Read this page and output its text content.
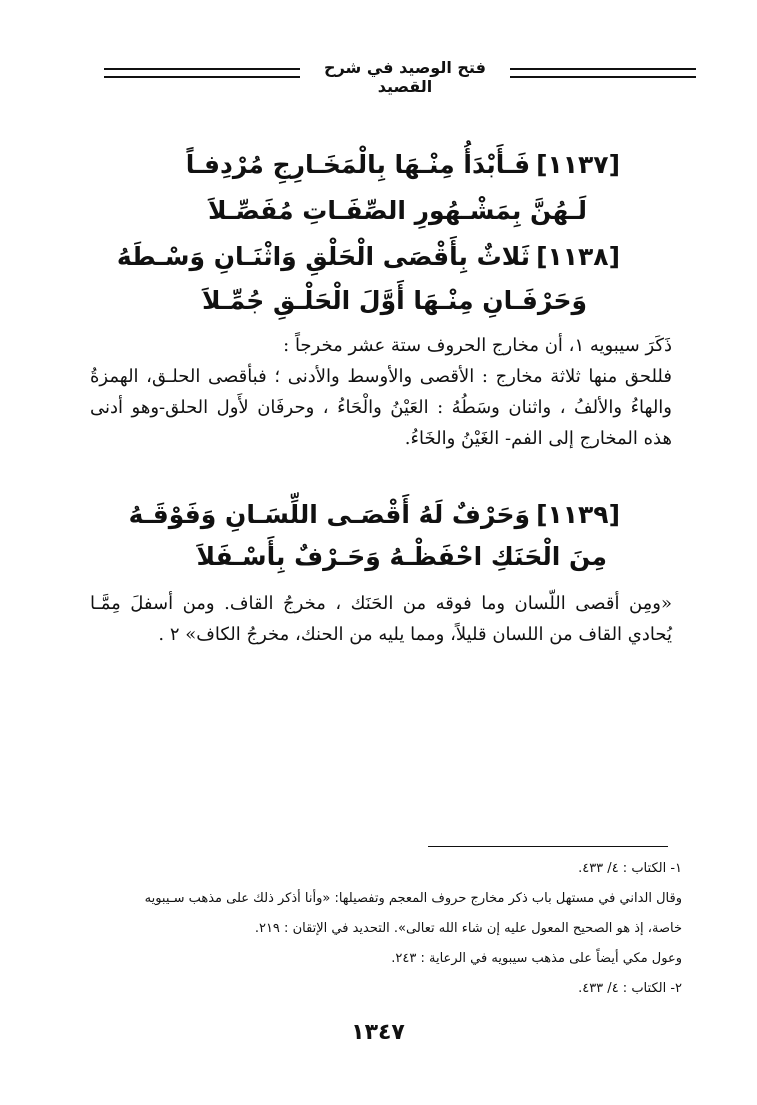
فتح الوصيد في شرح القصيد
[١١٣٧]فَـأَبْدَأُ مِنْـهَا بِالْمَخَـارِجِ مُرْدِفـاً
لَـهُنَّ بِمَشْـهُورِ الصِّفَـاتِ مُفَصِّـلاَ
[١١٣٨]ثَلاثٌ بِأَقْصَى الْحَلْقِ وَاثْنَـانِ وَسْـطَهُ
وَحَرْفَـانِ مِنْـهَا أَوَّلَ الْحَلْـقِ جُمِّـلاَ

ذَكَرَ سيبويه ١، أن مخارج الحروف ستة عشر مخرجاً :

فللحق منها ثلاثة مخارج : الأقصى والأوسط والأدنى ؛ فبأقصى الحلـق، الهمزةُ والهاءُ والألفُ ، واثنان وسَطُهُ : العَيْنُ والْحَاءُ ، وحرفَان لأَول الحلق-وهو أدنى هذه المخارج إلى الفم- الغَيْنُ والخَاءُ.

[١١٣٩]وَحَرْفٌ لَهُ أَقْصَـى اللِّسَـانِ وَفَوْقَـهُ
مِنَ الْحَنَكِ احْفَظْـهُ وَحَـرْفٌ بِأَسْـفَلاَ

«ومِن أقصى اللّسان وما فوقه من الحَنَك ، مخرجُ القاف. ومن أسفلَ مِمَّـا يُحادي القاف من اللسان قليلاً، ومما يليه من الحنك، مخرجُ الكاف» ٢ .

١- الكتاب : ٤/ ٤٣٣.

وقال الداني في مستهل باب ذكر مخارج حروف المعجم وتفصيلها: «وأنا أذكر ذلك على مذهب سـيبويه

خاصة، إذ هو الصحيح المعول عليه إن شاء الله تعالى». التحديد في الإتقان : ٢١٩.

وعول مكي أيضاً على مذهب سيبويه في الرعاية : ٢٤٣.

٢- الكتاب : ٤/ ٤٣٣.

١٣٤٧
